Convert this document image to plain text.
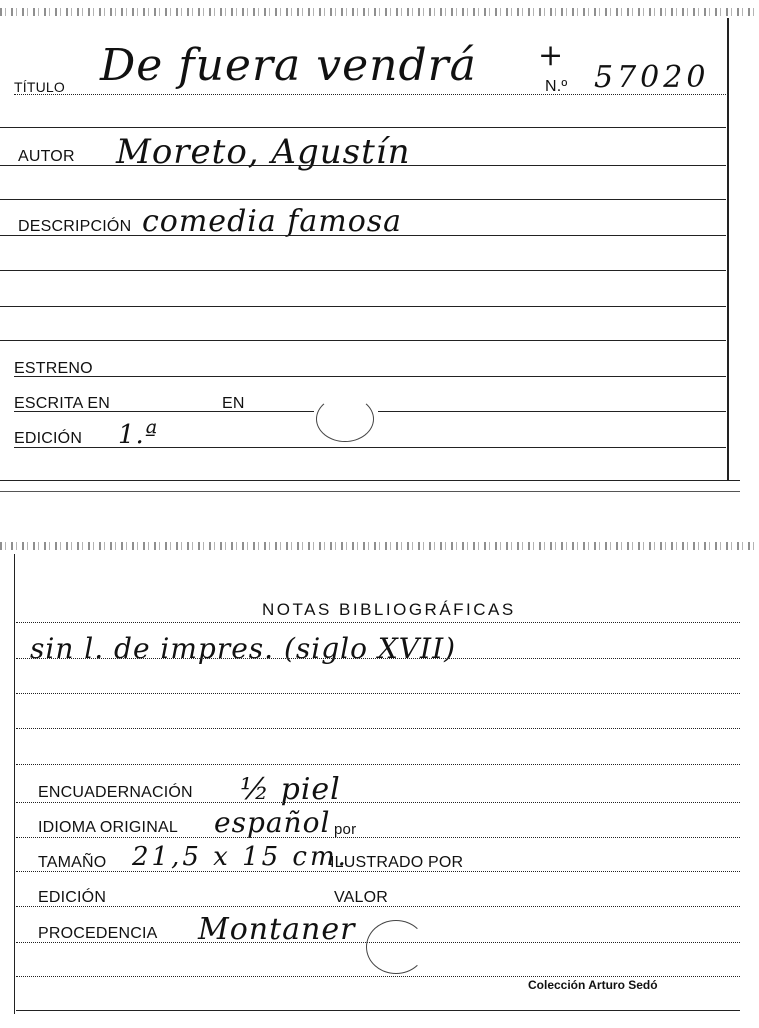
TÍTULO De fuera vendrá +
N.º 57020
AUTOR Moreto, Agustín
DESCRIPCIÓN comedia famosa
ESTRENO
ESCRITA EN	EN
EDICIÓN 1.ª
NOTAS BIBLIOGRÁFICAS
sin l. de impres. (siglo XVII)
ENCUADERNACIÓN ½ piel
IDIOMA ORIGINAL español por
TAMAÑO 21,5 x 15 cm.
ILUSTRADO POR
EDICIÓN	VALOR
PROCEDENCIA Montaner
Colección Arturo Sedó
